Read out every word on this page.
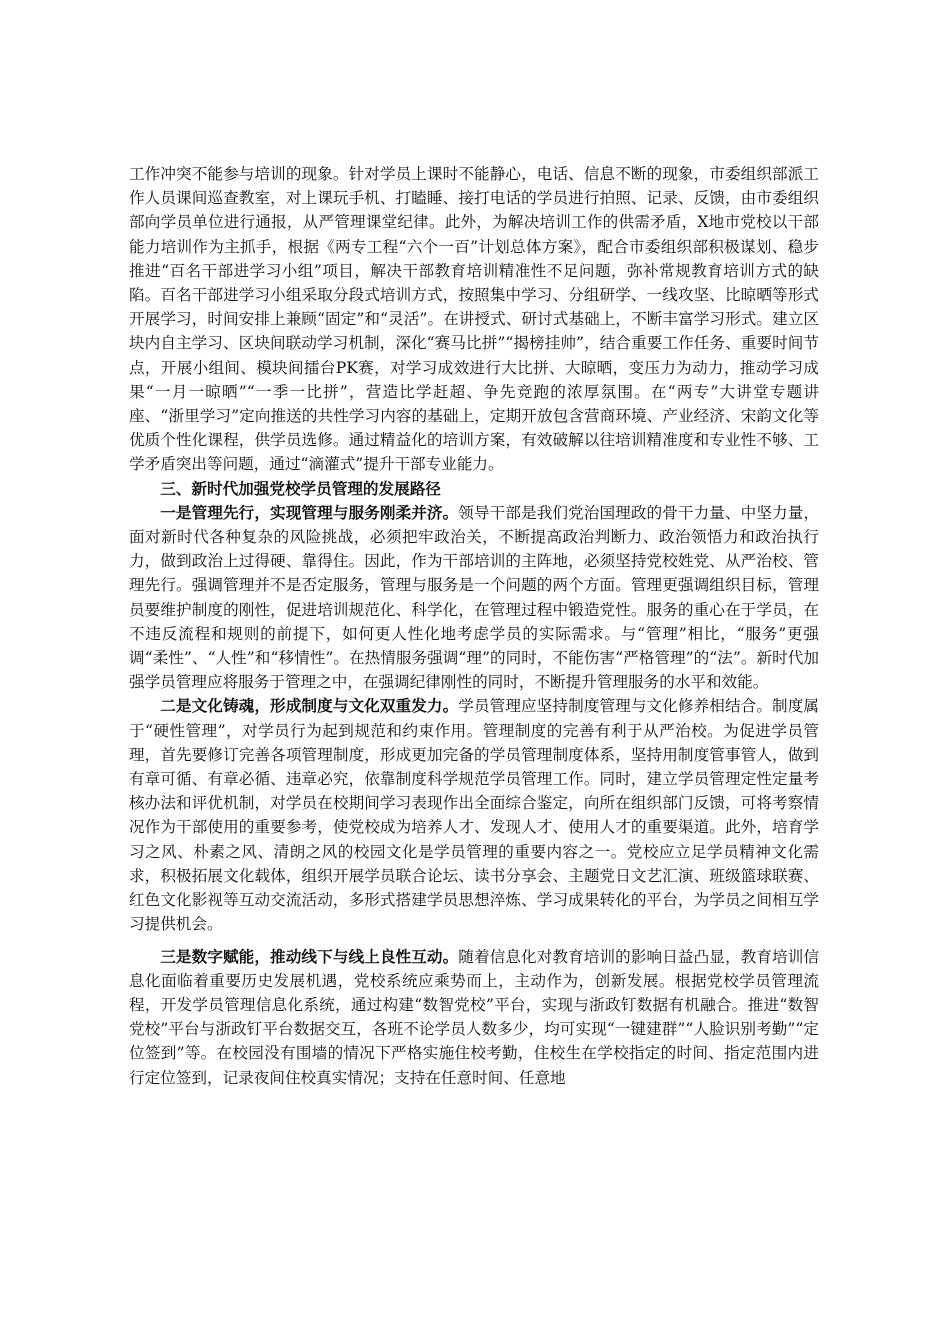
工作冲突不能参与培训的现象。针对学员上课时不能静心，电话、信息不断的现象，市委组织部派工作人员课间巡查教室，对上课玩手机、打瞌睡、接打电话的学员进行拍照、记录、反馈，由市委组织部向学员单位进行通报，从严管理课堂纪律。此外，为解决培训工作的供需矛盾，X地市党校以干部能力培训作为主抓手，根据《两专工程“六个一百”计划总体方案》，配合市委组织部积极谋划、稳步推进“百名干部进学习小组”项目，解决干部教育培训精准性不足问题，弥补常规教育培训方式的缺陷。百名干部进学习小组采取分段式培训方式，按照集中学习、分组研学、一线攻坚、比晾晒等形式开展学习，时间安排上兼顾“固定”和“灵活”。在讲授式、研讨式基础上，不断丰富学习形式。建立区块内自主学习、区块间联动学习机制，深化“赛马比拼”“揭榜挂帅”，结合重要工作任务、重要时间节点，开展小组间、模块间擂台PK赛，对学习成效进行大比拼、大晾晒，变压力为动力，推动学习成果“一月一晾晒”“一季一比拼”，营造比学赶超、争先竞跑的浓厚氛围。在“两专”大讲堂专题讲座、“浙里学习”定向推送的共性学习内容的基础上，定期开放包含营商环境、产业经济、宋韵文化等优质个性化课程，供学员选修。通过精益化的培训方案，有效破解以往培训精准度和专业性不够、工学矛盾突出等问题，通过“滴灌式”提升干部专业能力。

三、新时代加强党校学员管理的发展路径

一是管理先行，实现管理与服务刚柔并济。领导干部是我们党治国理政的骨干力量、中坚力量，面对新时代各种复杂的风险挑战，必须把牢政治关，不断提高政治判断力、政治领悟力和政治执行力，做到政治上过得硬、靠得住。因此，作为干部培训的主阵地，必须坚持党校姓党、从严治校、管理先行。强调管理并不是否定服务，管理与服务是一个问题的两个方面。管理更强调组织目标，管理员要维护制度的刚性，促进培训规范化、科学化，在管理过程中锻造党性。服务的重心在于学员，在不违反流程和规则的前提下，如何更人性化地考虑学员的实际需求。与“管理”相比，“服务”更强调“柔性”、“人性”和“移情性”。在热情服务强调“理”的同时，不能伤害“严格管理”的“法”。新时代加强学员管理应将服务于管理之中，在强调纪律刚性的同时，不断提升管理服务的水平和效能。

二是文化铸魂，形成制度与文化双重发力。学员管理应坚持制度管理与文化修养相结合。制度属于“硬性管理”，对学员行为起到规范和约束作用。管理制度的完善有利于从严治校。为促进学员管理，首先要修订完善各项管理制度，形成更加完备的学员管理制度体系，坚持用制度管事管人，做到有章可循、有章必循、违章必究，依靠制度科学规范学员管理工作。同时，建立学员管理定性定量考核办法和评优机制，对学员在校期间学习表现作出全面综合鉴定，向所在组织部门反馈，可将考察情况作为干部使用的重要参考，使党校成为培养人才、发现人才、使用人才的重要渠道。此外，培育学习之风、朴素之风、清朗之风的校园文化是学员管理的重要内容之一。党校应立足学员精神文化需求，积极拓展文化载体，组织开展学员联合论坛、读书分享会、主题党日文艺汇演、班级篮球联赛、红色文化影视等互动交流活动，多形式搭建学员思想淬炼、学习成果转化的平台，为学员之间相互学习提供机会。

三是数字赋能，推动线下与线上良性互动。随着信息化对教育培训的影响日益凸显，教育培训信息化面临着重要历史发展机遇，党校系统应乘势而上，主动作为，创新发展。根据党校学员管理流程，开发学员管理信息化系统，通过构建“数智党校”平台，实现与浙政钉数据有机融合。推进“数智党校”平台与浙政钉平台数据交互，各班不论学员人数多少，均可实现“一键建群”“人脸识别考勤”“定位签到”等。在校园没有围墙的情况下严格实施住校考勤，住校生在学校指定的时间、指定范围内进行定位签到，记录夜间住校真实情况；支持在任意时间、任意地
